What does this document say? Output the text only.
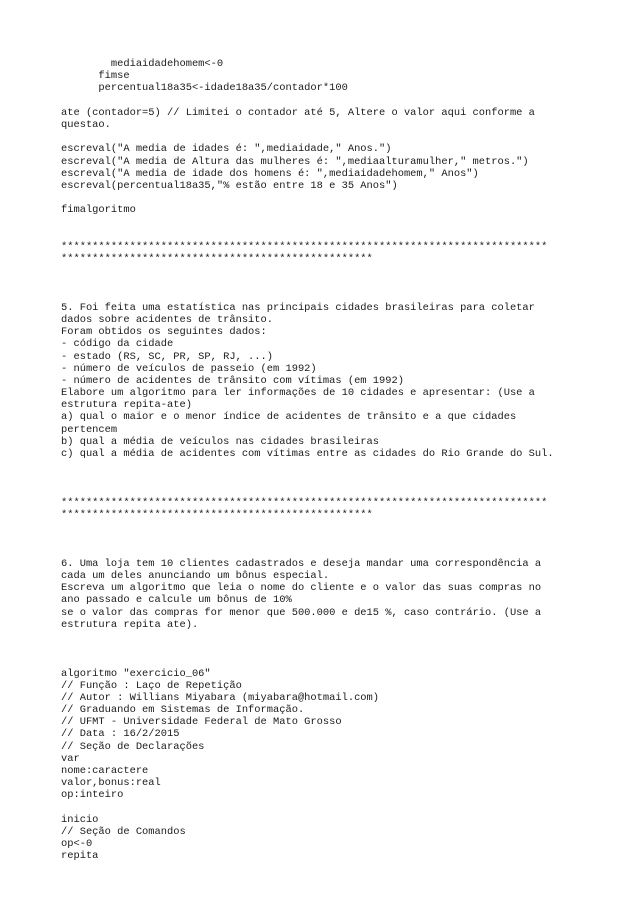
mediaidadehomem<-0
fimse
percentual18a35<-idade18a35/contador*100
ate (contador=5) // Limitei o contador até 5, Altere o valor aqui conforme a
questao.
escreval("A media de idades é: ",mediaidade," Anos.")
escreval("A media de Altura das mulheres é: ",mediaalturamulher," metros.")
escreval("A media de idade dos homens é: ",mediaidadehomem," Anos")
escreval(percentual18a35,"% estão entre 18 e 35 Anos")
fimalgoritmo
******************************************************************************
**************************************************
5. Foi feita uma estatística nas principais cidades brasileiras para coletar
dados sobre acidentes de trânsito.
Foram obtidos os seguintes dados:
- código da cidade
- estado (RS, SC, PR, SP, RJ, ...)
- número de veículos de passeio (em 1992)
- número de acidentes de trânsito com vítimas (em 1992)
Elabore um algoritmo para ler informações de 10 cidades e apresentar: (Use a
estrutura repita-ate)
a) qual o maior e o menor índice de acidentes de trânsito e a que cidades
pertencem
b) qual a média de veículos nas cidades brasileiras
c) qual a média de acidentes com vítimas entre as cidades do Rio Grande do Sul.
******************************************************************************
**************************************************
6. Uma loja tem 10 clientes cadastrados e deseja mandar uma correspondência a
cada um deles anunciando um bônus especial.
Escreva um algoritmo que leia o nome do cliente e o valor das suas compras no
ano passado e calcule um bônus de 10%
se o valor das compras for menor que 500.000 e de15 %, caso contrário. (Use a
estrutura repita ate).
algoritmo "exercicio_06"
// Função : Laço de Repetição
// Autor : Willians Miyabara (miyabara@hotmail.com)
// Graduando em Sistemas de Informação.
// UFMT - Universidade Federal de Mato Grosso
// Data : 16/2/2015
// Seção de Declarações
var
nome:caractere
valor,bonus:real
op:inteiro
inicio
// Seção de Comandos
op<-0
repita
